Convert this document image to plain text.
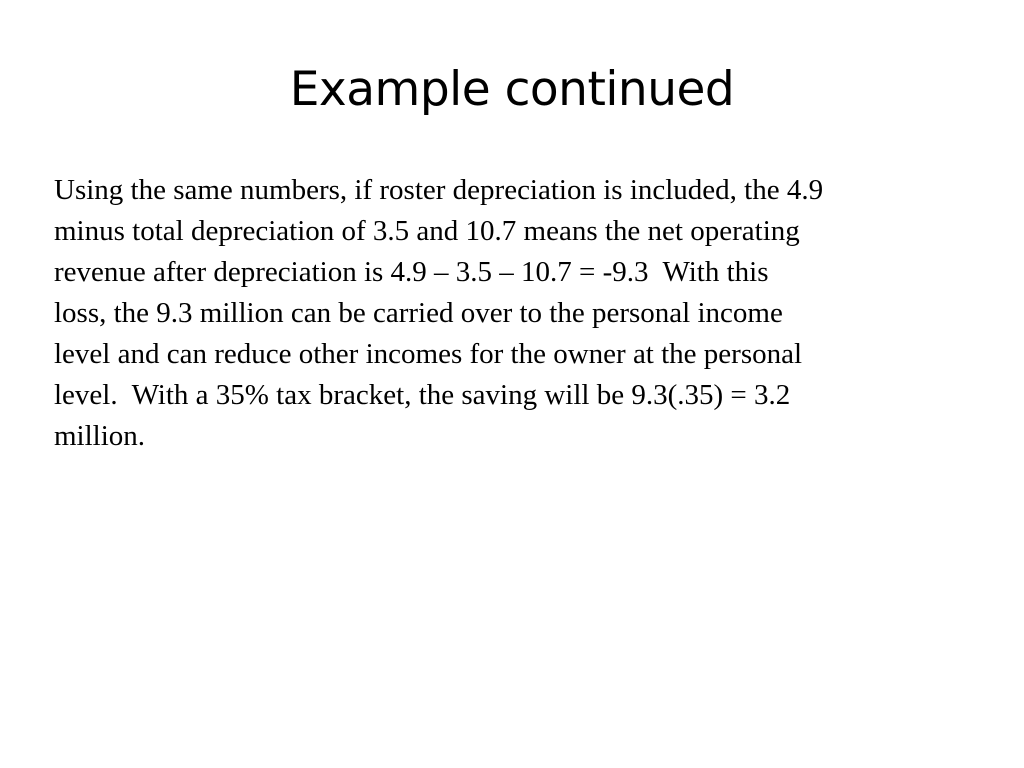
Example continued

Using the same numbers, if roster depreciation is included, the 4.9
minus total depreciation of 3.5 and 10.7 means the net operating
revenue after depreciation is 4.9 – 3.5 – 10.7 = -9.3  With this
loss, the 9.3 million can be carried over to the personal income
level and can reduce other incomes for the owner at the personal
level.  With a 35% tax bracket, the saving will be 9.3(.35) = 3.2
million.
